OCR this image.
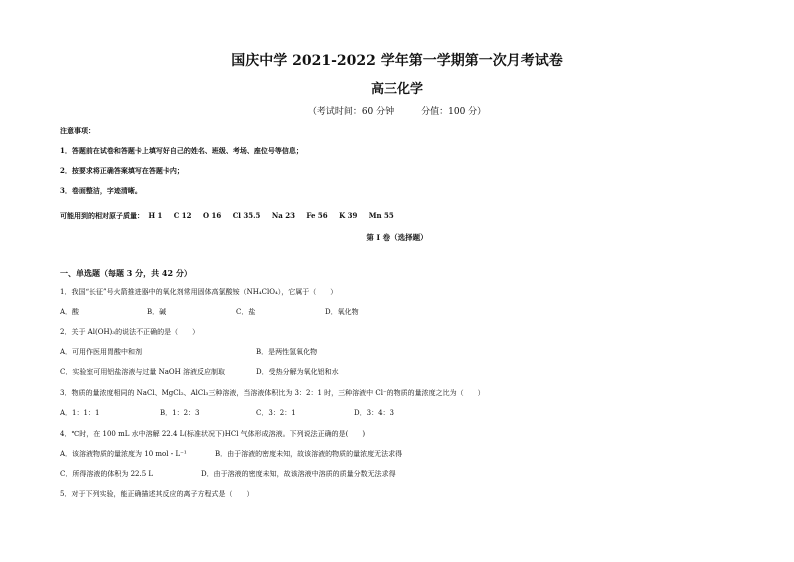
国庆中学 2021-2022 学年第一学期第一次月考试卷
高三化学
（考试时间：60 分钟　　　分值：100 分）
注意事项：
1．答题前在试卷和答题卡上填写好自己的姓名、班级、考场、座位号等信息；
2．按要求将正确答案填写在答题卡内；
3．卷面整洁，字迹清晰。
可能用到的相对原子质量： H 1 C 12 O 16 Cl 35.5 Na 23 Fe 56 K 39 Mn 55
第 I 卷（选择题）
一、单选题（每题 3 分，共 42 分）
1．我国“长征”号火箭推进器中的氧化剂常用固体高氯酸铵（NH₄ClO₄），它属于（　　）
A．酸	B．碱	C．盐	D．氧化物
2．关于 Al(OH)₃的说法不正确的是（　　）
A．可用作医用胃酸中和剂	B．是两性氢氧化物
C．实验室可用铝盐溶液与过量 NaOH 溶液反应制取	D．受热分解为氧化铝和水
3．物质的量浓度相同的 NaCl、MgCl₂、AlCl₃三种溶液，当溶液体积比为 3：2：1 时，三种溶液中 Cl⁻的物质的量浓度之比为（　　）
A．1：1：1	B．1：2：3	C．3：2：1	D．3：4：3
4．℃时，在 100 mL 水中溶解 22.4 L(标准状况下)HCl 气体形成溶液。下列说法正确的是(　　)
A．该溶液物质的量浓度为 10 mol・L⁻¹	B．由于溶液的密度未知，故该溶液的物质的量浓度无法求得
C．所得溶液的体积为 22.5 L	D．由于溶液的密度未知，故该溶液中溶质的质量分数无法求得
5．对于下列实验，能正确描述其反应的离子方程式是（　　）
